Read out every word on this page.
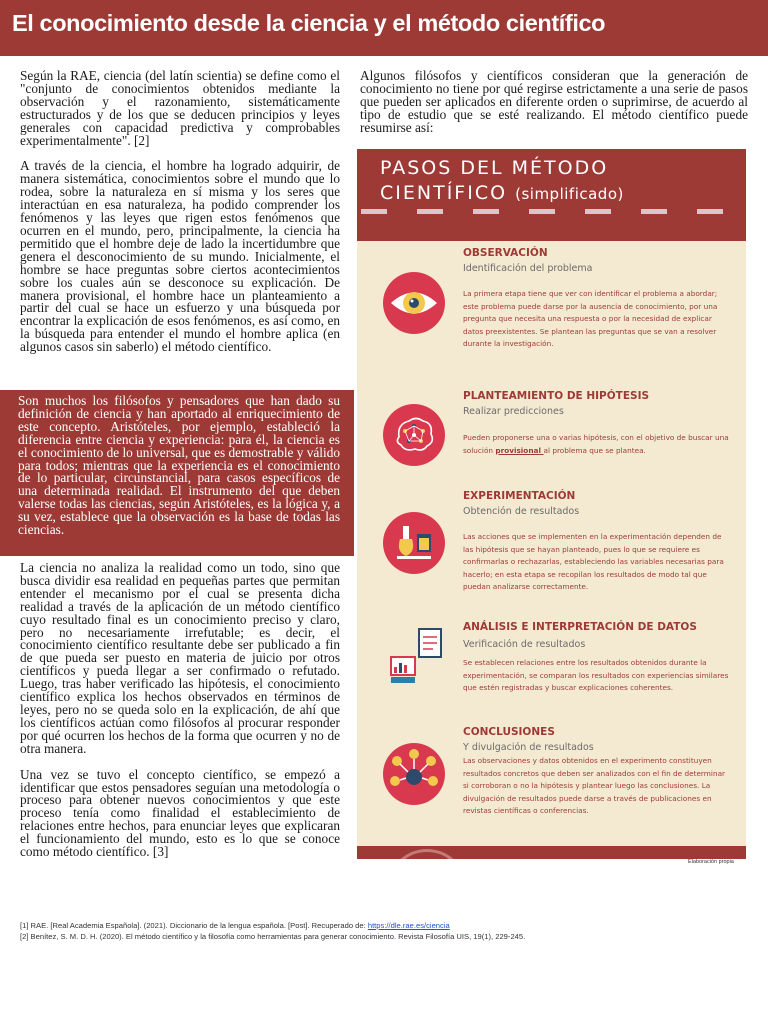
El conocimiento desde la ciencia y el método científico

Según la RAE, ciencia (del latín scientia) se define como el "conjunto de conocimientos obtenidos mediante la observación y el razonamiento, sistemáticamente estructurados y de los que se deducen principios y leyes generales con capacidad predictiva y comprobables experimentalmente". [2]

A través de la ciencia, el hombre ha logrado adquirir, de manera sistemática, conocimientos sobre el mundo que lo rodea, sobre la naturaleza en sí misma y los seres que interactúan en esa naturaleza, ha podido comprender los fenómenos y las leyes que rigen estos fenómenos que ocurren en el mundo, pero, principalmente, la ciencia ha permitido que el hombre deje de lado la incertidumbre que genera el desconocimiento de su mundo. Inicialmente, el hombre se hace preguntas sobre ciertos acontecimientos sobre los cuales aún se desconoce su explicación. De manera provisional, el hombre hace un planteamiento a partir del cual se hace un esfuerzo y una búsqueda por encontrar la explicación de esos fenómenos, es así como, en la búsqueda para entender el mundo el hombre aplica (en algunos casos sin saberlo) el método científico.

Son muchos los filósofos y pensadores que han dado su definición de ciencia y han aportado al enriquecimiento de este concepto. Aristóteles, por ejemplo, estableció la diferencia entre ciencia y experiencia: para él, la ciencia es el conocimiento de lo universal, que es demostrable y válido para todos; mientras que la experiencia es el conocimiento de lo particular, circunstancial, para casos específicos de una determinada realidad. El instrumento del que deben valerse todas las ciencias, según Aristóteles, es la lógica y, a su vez, establece que la observación es la base de todas las ciencias.

La ciencia no analiza la realidad como un todo, sino que busca dividir esa realidad en pequeñas partes que permitan entender el mecanismo por el cual se presenta dicha realidad a través de la aplicación de un método científico cuyo resultado final es un conocimiento preciso y claro, pero no necesariamente irrefutable; es decir, el conocimiento científico resultante debe ser publicado a fin de que pueda ser puesto en materia de juicio por otros científicos y pueda llegar a ser confirmado o refutado. Luego, tras haber verificado las hipótesis, el conocimiento científico explica los hechos observados en términos de leyes, pero no se queda solo en la explicación, de ahí que los científicos actúan como filósofos al procurar responder por qué ocurren los hechos de la forma que ocurren y no de otra manera.

Una vez se tuvo el concepto científico, se empezó a identificar que estos pensadores seguían una metodología o proceso para obtener nuevos conocimientos y que este proceso tenía como finalidad el establecimiento de relaciones entre hechos, para enunciar leyes que explicaran el funcionamiento del mundo, esto es lo que se conoce como método científico. [3]

Algunos filósofos y científicos consideran que la generación de conocimiento no tiene por qué regirse estrictamente a una serie de pasos que pueden ser aplicados en diferente orden o suprimirse, de acuerdo al tipo de estudio que se esté realizando. El método científico puede resumirse así:

PASOS DEL MÉTODO
CIENTÍFICO (simplificado)
OBSERVACIÓN
Identificación del problema
La primera etapa tiene que ver con identificar el problema a abordar; este problema puede darse por la ausencia de conocimiento, por una pregunta que necesita una respuesta o por la necesidad de explicar datos preexistentes. Se plantean las preguntas que se van a resolver durante la investigación.
PLANTEAMIENTO DE HIPÓTESIS
Realizar predicciones
Pueden proponerse una o varias hipótesis, con el objetivo de buscar una solución provisional al problema que se plantea.
EXPERIMENTACIÓN
Obtención de resultados
Las acciones que se implementen en la experimentación dependen de las hipótesis que se hayan planteado, pues lo que se requiere es confirmarlas o rechazarlas, estableciendo las variables necesarias para hacerlo; en esta etapa se recopilan los resultados de modo tal que puedan analizarse correctamente.
ANÁLISIS E INTERPRETACIÓN DE DATOS
Verificación de resultados
Se establecen relaciones entre los resultados obtenidos durante la experimentación, se comparan los resultados con experiencias similares que estén registradas y buscar explicaciones coherentes.
CONCLUSIONES
Y divulgación de resultados
Las observaciones y datos obtenidos en el experimento constituyen resultados concretos que deben ser analizados con el fin de determinar si corroboran o no la hipótesis y plantear luego las conclusiones. La divulgación de resultados puede darse a través de publicaciones en revistas científicas o conferencias.
Elaboración propia
[1] RAE. [Real Academia Española]. (2021). Diccionario de la lengua española. [Post]. Recuperado de: https://dle.rae.es/ciencia
[2] Benítez, S. M. D. H. (2020). El método científico y la filosofía como herramientas para generar conocimiento. Revista Filosofía UIS, 19(1), 229-245.
